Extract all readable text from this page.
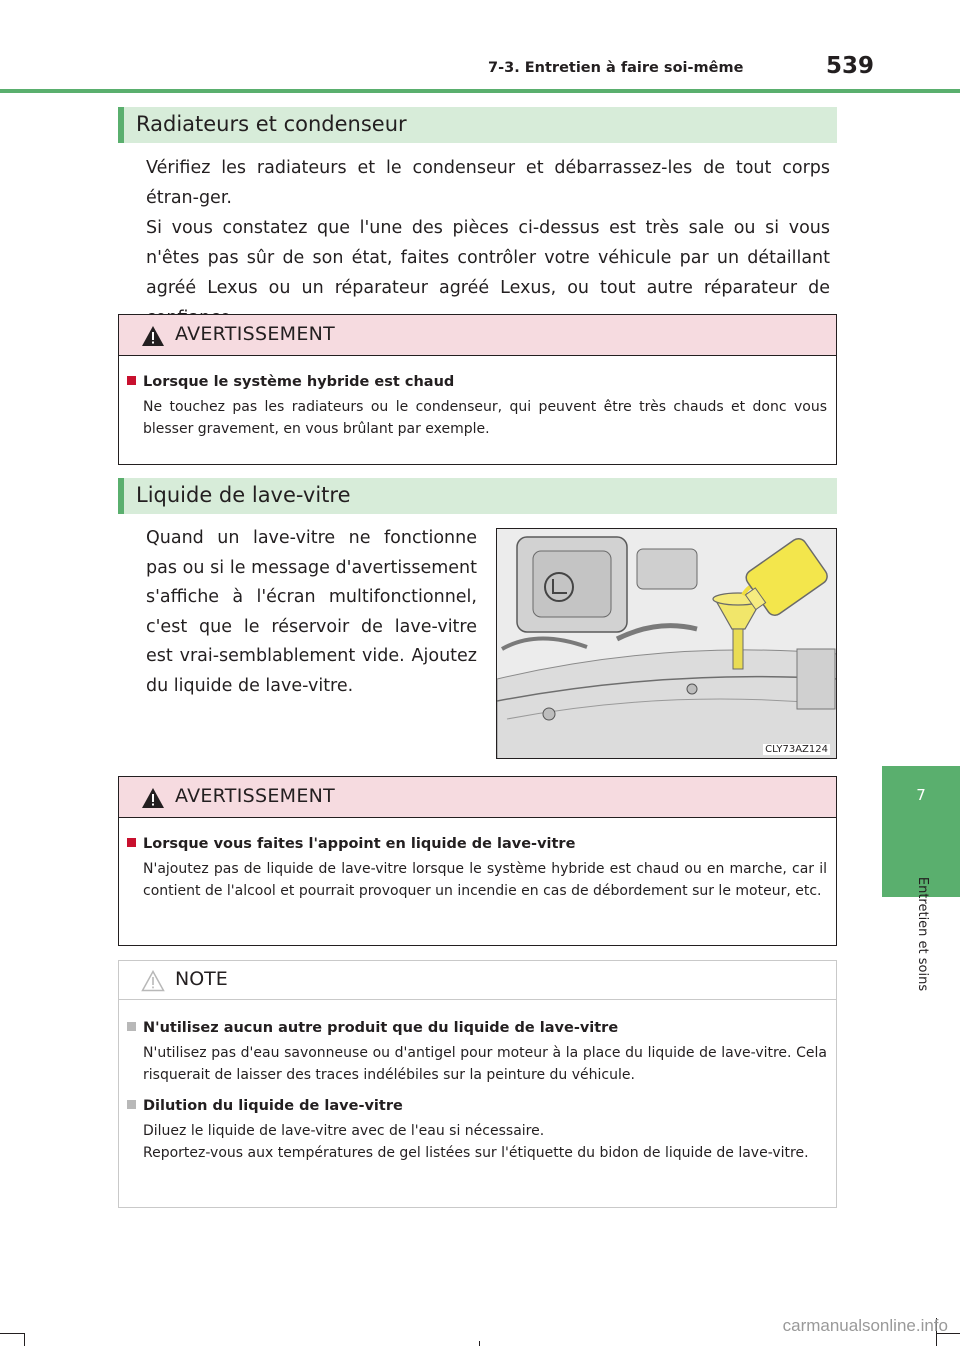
7-3. Entretien à faire soi-même	539
7
Entretien et soins
Radiateurs et condenseur
Vérifiez les radiateurs et le condenseur et débarrassez-les de tout corps étran-ger.
Si vous constatez que l'une des pièces ci-dessus est très sale ou si vous n'êtes pas sûr de son état, faites contrôler votre véhicule par un détaillant agréé Lexus ou un réparateur agréé Lexus, ou tout autre réparateur de
AVERTISSEMENT
Lorsque le système hybride est chaud
Ne touchez pas les radiateurs ou le condenseur, qui peuvent être très chauds et donc vous blesser gravement, en vous brûlant par exemple.
Liquide de lave-vitre
Quand un lave-vitre ne fonctionne pas ou si le message d'avertissement s'affiche à l'écran multifonctionnel, c'est que le réservoir de lave-vitre est vrai-semblablement vide. Ajoutez du liquide de lave-vitre.
CLY73AZ124
AVERTISSEMENT
Lorsque vous faites l'appoint en liquide de lave-vitre
N'ajoutez pas de liquide de lave-vitre lorsque le système hybride est chaud ou en marche, car il contient de l'alcool et pourrait provoquer un incendie en cas de débordement sur le moteur, etc.
NOTE
N'utilisez aucun autre produit que du liquide de lave-vitre
N'utilisez pas d'eau savonneuse ou d'antigel pour moteur à la place du liquide de lave-vitre. Cela risquerait de laisser des traces indélébiles sur la peinture du véhicule.
Dilution du liquide de lave-vitre
Diluez le liquide de lave-vitre avec de l'eau si nécessaire.
Reportez-vous aux températures de gel listées sur l'étiquette du bidon de liquide de lave-vitre.
carmanualsonline.info
